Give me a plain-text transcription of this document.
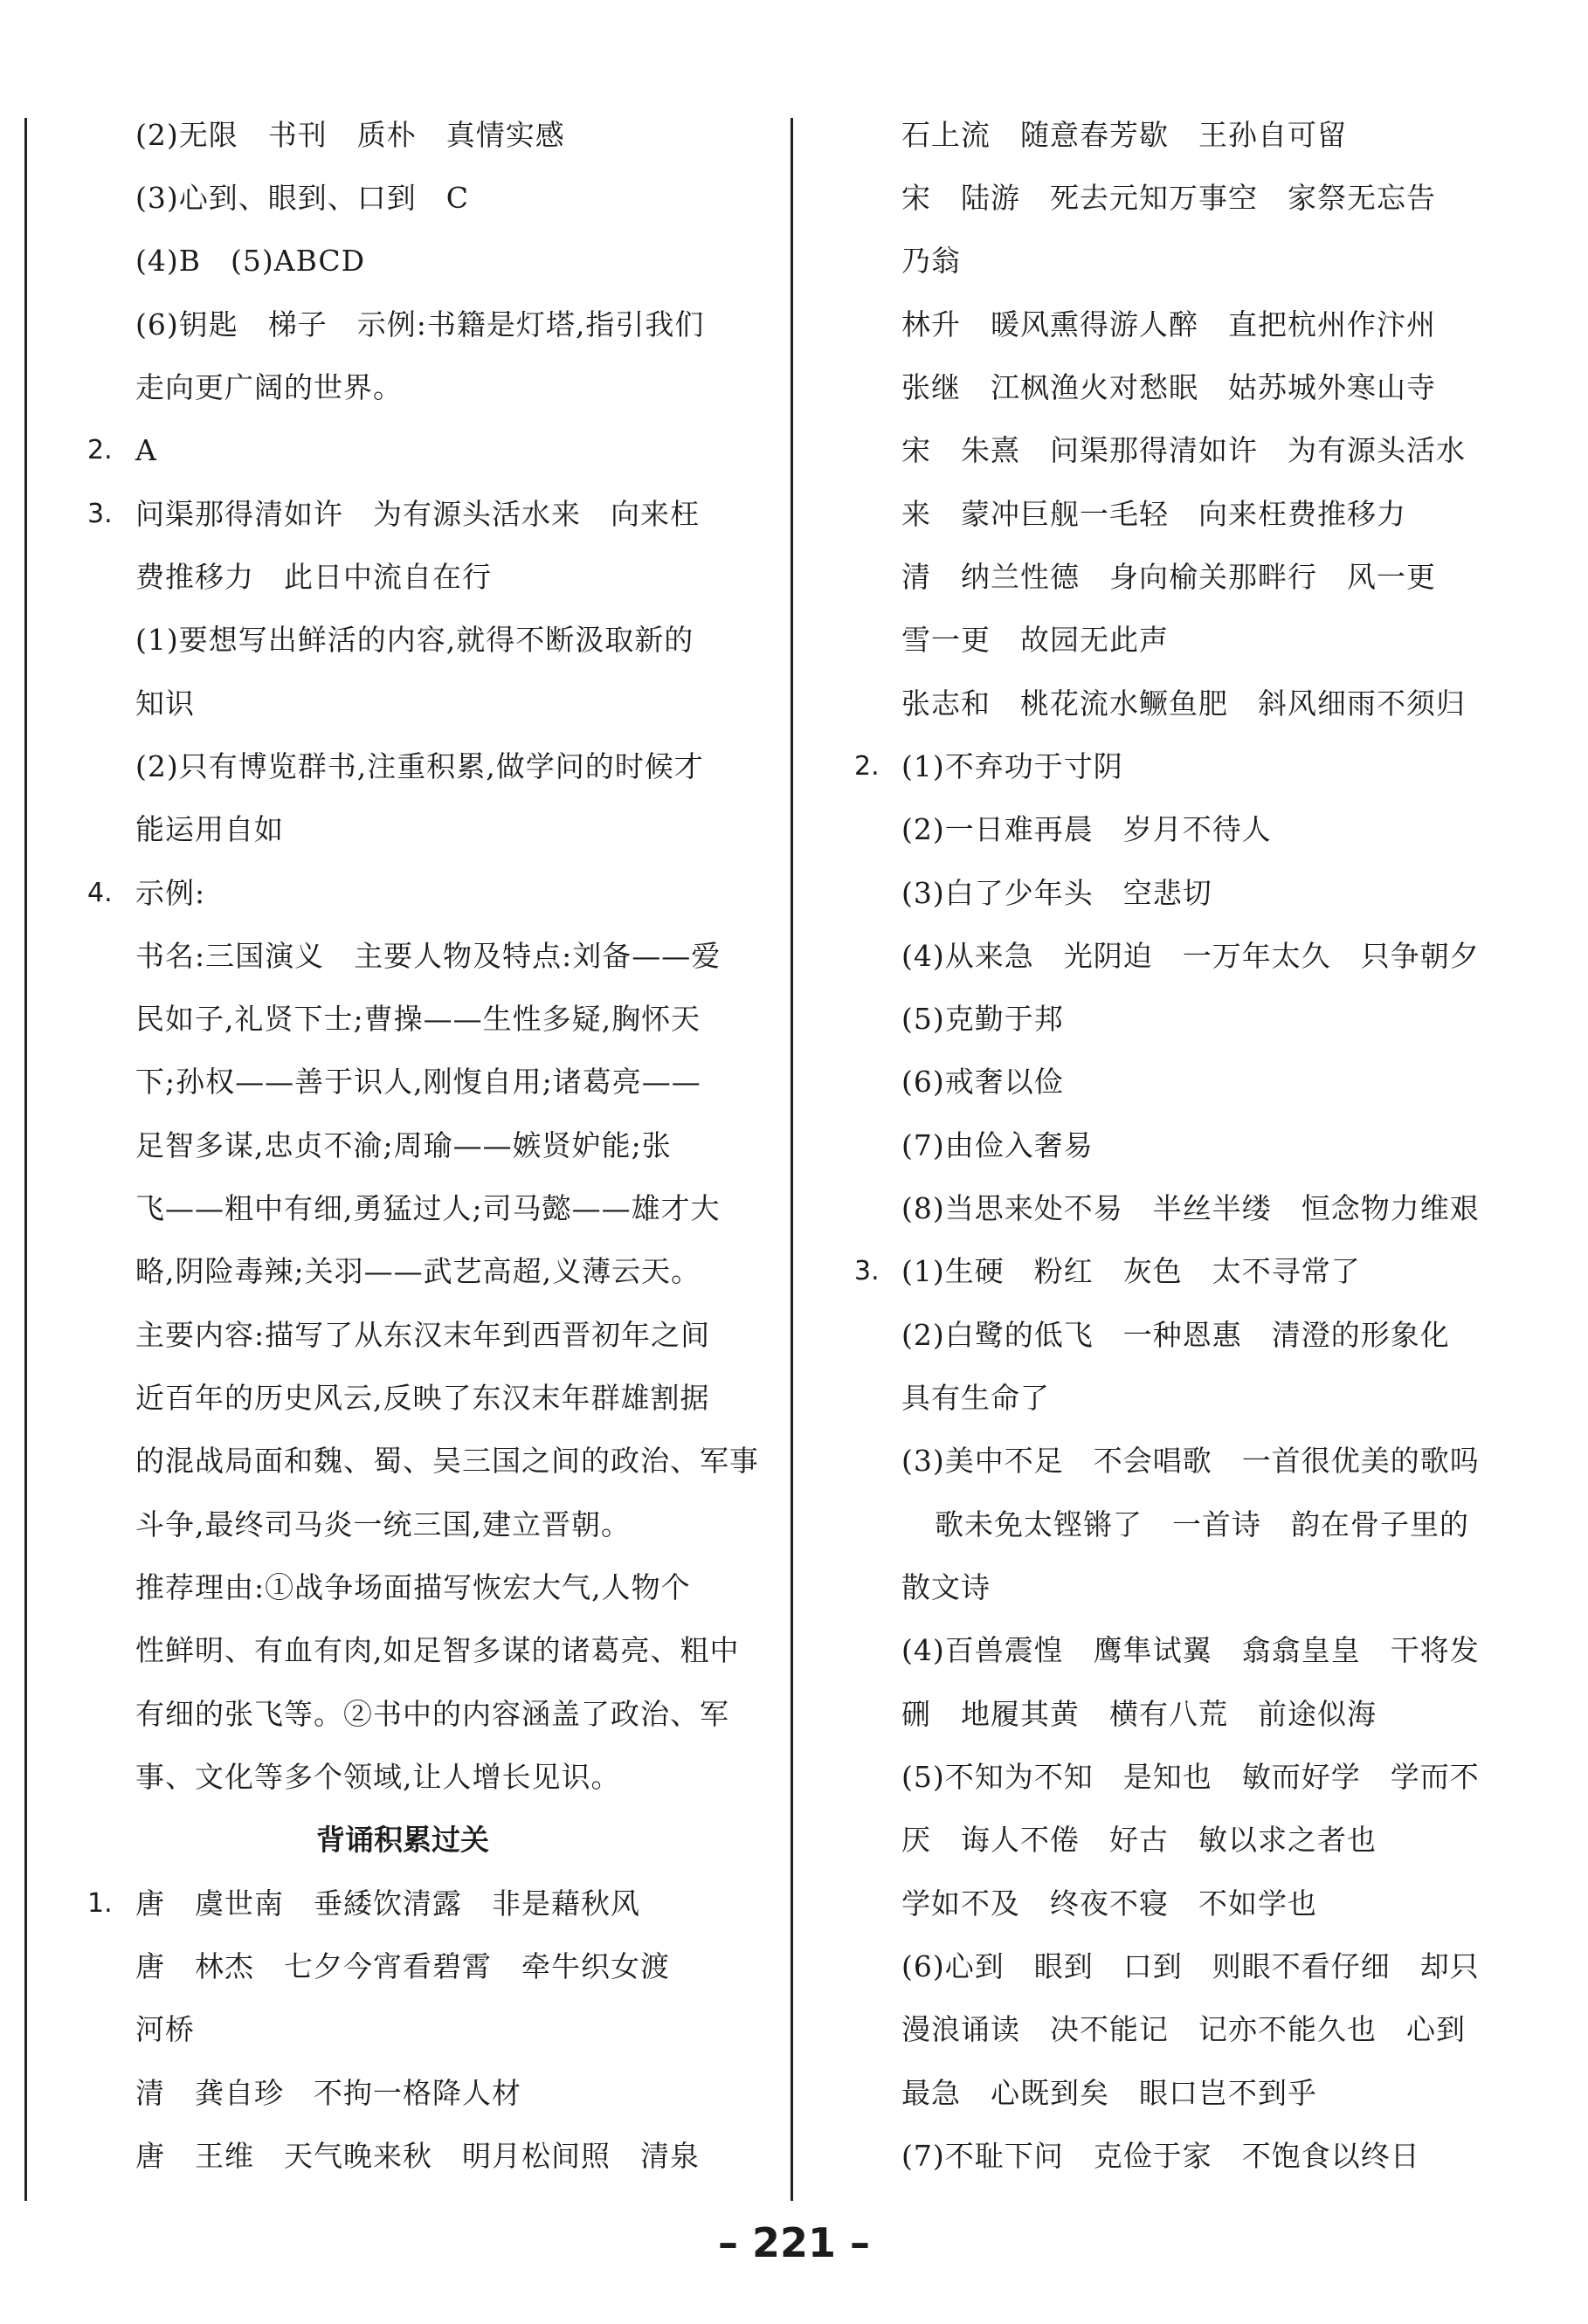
(2)无限　书刊　质朴　真情实感
(3)心到、眼到、口到　C
(4)B　(5)ABCD
(6)钥匙　梯子　示例:书籍是灯塔,指引我们
走向更广阔的世界。
2. A
3. 问渠那得清如许　为有源头活水来　向来枉
费推移力　此日中流自在行
(1)要想写出鲜活的内容,就得不断汲取新的
知识
(2)只有博览群书,注重积累,做学问的时候才
能运用自如
4. 示例:
书名:三国演义　主要人物及特点:刘备——爱
民如子,礼贤下士;曹操——生性多疑,胸怀天
下;孙权——善于识人,刚愎自用;诸葛亮——
足智多谋,忠贞不渝;周瑜——嫉贤妒能;张
飞——粗中有细,勇猛过人;司马懿——雄才大
略,阴险毒辣;关羽——武艺高超,义薄云天。
主要内容:描写了从东汉末年到西晋初年之间
近百年的历史风云,反映了东汉末年群雄割据
的混战局面和魏、蜀、吴三国之间的政治、军事
斗争,最终司马炎一统三国,建立晋朝。
推荐理由:①战争场面描写恢宏大气,人物个
性鲜明、有血有肉,如足智多谋的诸葛亮、粗中
有细的张飞等。②书中的内容涵盖了政治、军
事、文化等多个领域,让人增长见识。
背诵积累过关
1. 唐　虞世南　垂緌饮清露　非是藉秋风
唐　林杰　七夕今宵看碧霄　牵牛织女渡
河桥
清　龚自珍　不拘一格降人材
唐　王维　天气晚来秋　明月松间照　清泉
石上流　随意春芳歇　王孙自可留
宋　陆游　死去元知万事空　家祭无忘告
乃翁
林升　暖风熏得游人醉　直把杭州作汴州
张继　江枫渔火对愁眠　姑苏城外寒山寺
宋　朱熹　问渠那得清如许　为有源头活水
来　蒙冲巨舰一毛轻　向来枉费推移力
清　纳兰性德　身向榆关那畔行　风一更
雪一更　故园无此声
张志和　桃花流水鳜鱼肥　斜风细雨不须归
2. (1)不弃功于寸阴
(2)一日难再晨　岁月不待人
(3)白了少年头　空悲切
(4)从来急　光阴迫　一万年太久　只争朝夕
(5)克勤于邦
(6)戒奢以俭
(7)由俭入奢易
(8)当思来处不易　半丝半缕　恒念物力维艰
3. (1)生硬　粉红　灰色　太不寻常了
(2)白鹭的低飞　一种恩惠　清澄的形象化
具有生命了
(3)美中不足　不会唱歌　一首很优美的歌吗
歌未免太铿锵了　一首诗　韵在骨子里的
散文诗
(4)百兽震惶　鹰隼试翼　翕翕皇皇　干将发
硎　地履其黄　横有八荒　前途似海
(5)不知为不知　是知也　敏而好学　学而不
厌　诲人不倦　好古　敏以求之者也
学如不及　终夜不寝　不如学也
(6)心到　眼到　口到　则眼不看仔细　却只
漫浪诵读　决不能记　记亦不能久也　心到
最急　心既到矣　眼口岂不到乎
(7)不耻下问　克俭于家　不饱食以终日
– 221 –
